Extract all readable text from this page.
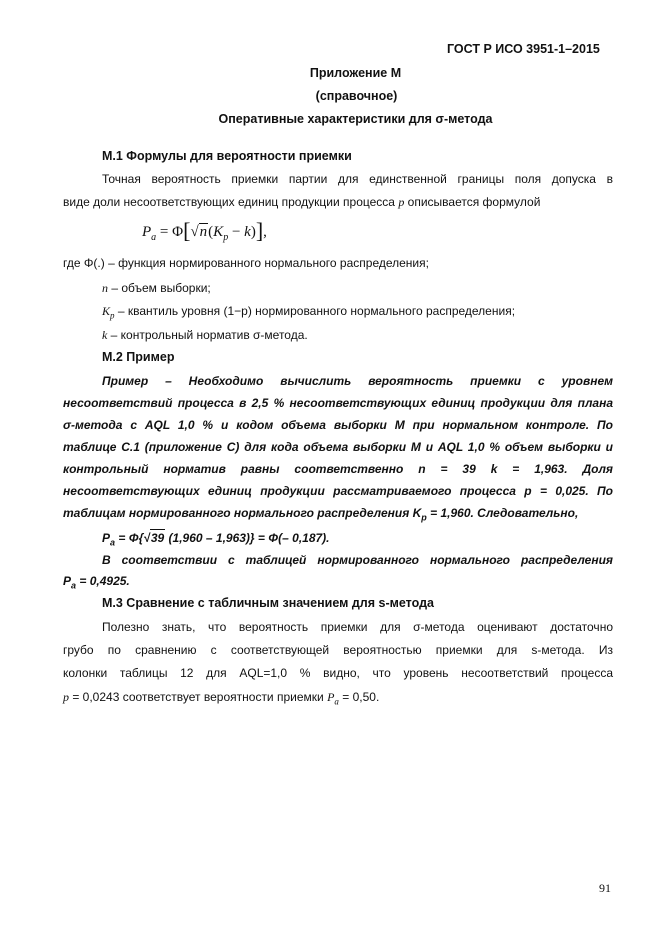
ГОСТ Р ИСО 3951-1–2015
Приложение М
(справочное)
Оперативные характеристики для σ-метода
М.1 Формулы для вероятности приемки
Точная вероятность приемки партии для единственной границы поля допуска в
виде доли несоответствующих единиц продукции процесса p описывается формулой
$P_a = \Phi[√n(K_p - k)]$,
где Φ(.) – функция нормированного нормального распределения;
n – объем выборки;
$K_p$ – квантиль уровня (1−p) нормированного нормального распределения;
k – контрольный норматив σ-метода.
М.2 Пример
Пример – Необходимо вычислить вероятность приемки с уровнем
несоответствий процесса в 2,5 % несоответствующих единиц продукции для плана
σ-метода с AQL 1,0 % и кодом объема выборки М при нормальном контроле. По
таблице С.1 (приложение С) для кода объема выборки М и AQL 1,0 % объем выборки и
контрольный норматив равны соответственно n = 39 k = 1,963. Доля
несоответствующих единиц продукции рассматриваемого процесса p = 0,025. По
таблицам нормированного нормального распределения $K_p = 1,960$. Следовательно,
$P_a = \Phi\{√39$ (1,960 – 1,963)} = Φ(– 0,187).
В соответствии с таблицей нормированного нормального распределения
$P_a = 0,4925$.
М.3 Сравнение с табличным значением для s-метода
Полезно знать, что вероятность приемки для σ-метода оценивают достаточно
грубо по сравнению с соответствующей вероятностью приемки для s-метода. Из
колонки таблицы 12 для AQL=1,0 % видно, что уровень несоответствий процесса
p = 0,0243 соответствует вероятности приемки $P_a = 0,50$.
91
